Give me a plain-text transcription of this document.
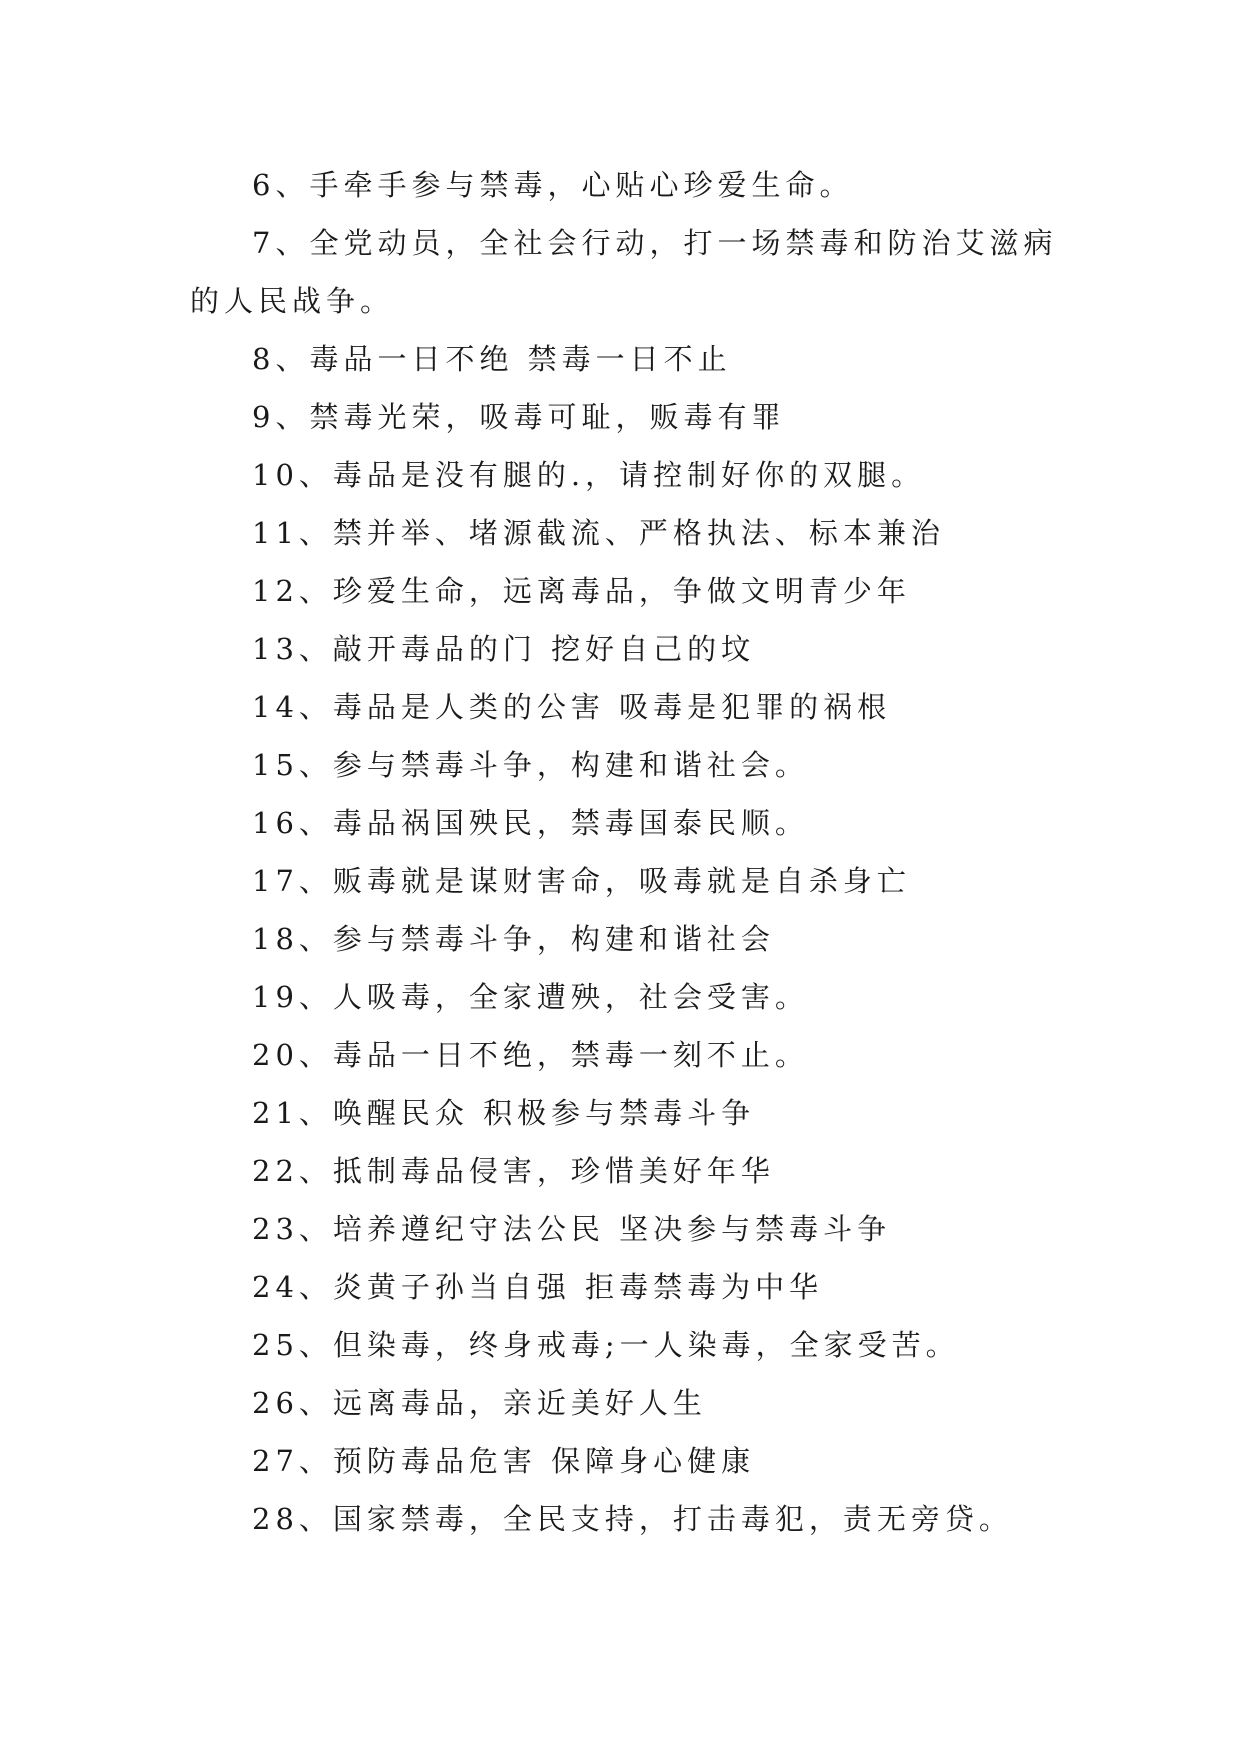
6、手牵手参与禁毒，心贴心珍爱生命。

7、全党动员，全社会行动，打一场禁毒和防治艾滋病的人民战争。

8、毒品一日不绝 禁毒一日不止

9、禁毒光荣，吸毒可耻，贩毒有罪

10、毒品是没有腿的.，请控制好你的双腿。

11、禁并举、堵源截流、严格执法、标本兼治

12、珍爱生命，远离毒品，争做文明青少年

13、敲开毒品的门 挖好自己的坟

14、毒品是人类的公害 吸毒是犯罪的祸根

15、参与禁毒斗争，构建和谐社会。

16、毒品祸国殃民，禁毒国泰民顺。

17、贩毒就是谋财害命，吸毒就是自杀身亡

18、参与禁毒斗争，构建和谐社会

19、人吸毒，全家遭殃，社会受害。

20、毒品一日不绝，禁毒一刻不止。

21、唤醒民众 积极参与禁毒斗争

22、抵制毒品侵害，珍惜美好年华

23、培养遵纪守法公民 坚决参与禁毒斗争

24、炎黄子孙当自强 拒毒禁毒为中华

25、但染毒，终身戒毒;一人染毒，全家受苦。

26、远离毒品，亲近美好人生

27、预防毒品危害 保障身心健康

28、国家禁毒，全民支持，打击毒犯，责无旁贷。
